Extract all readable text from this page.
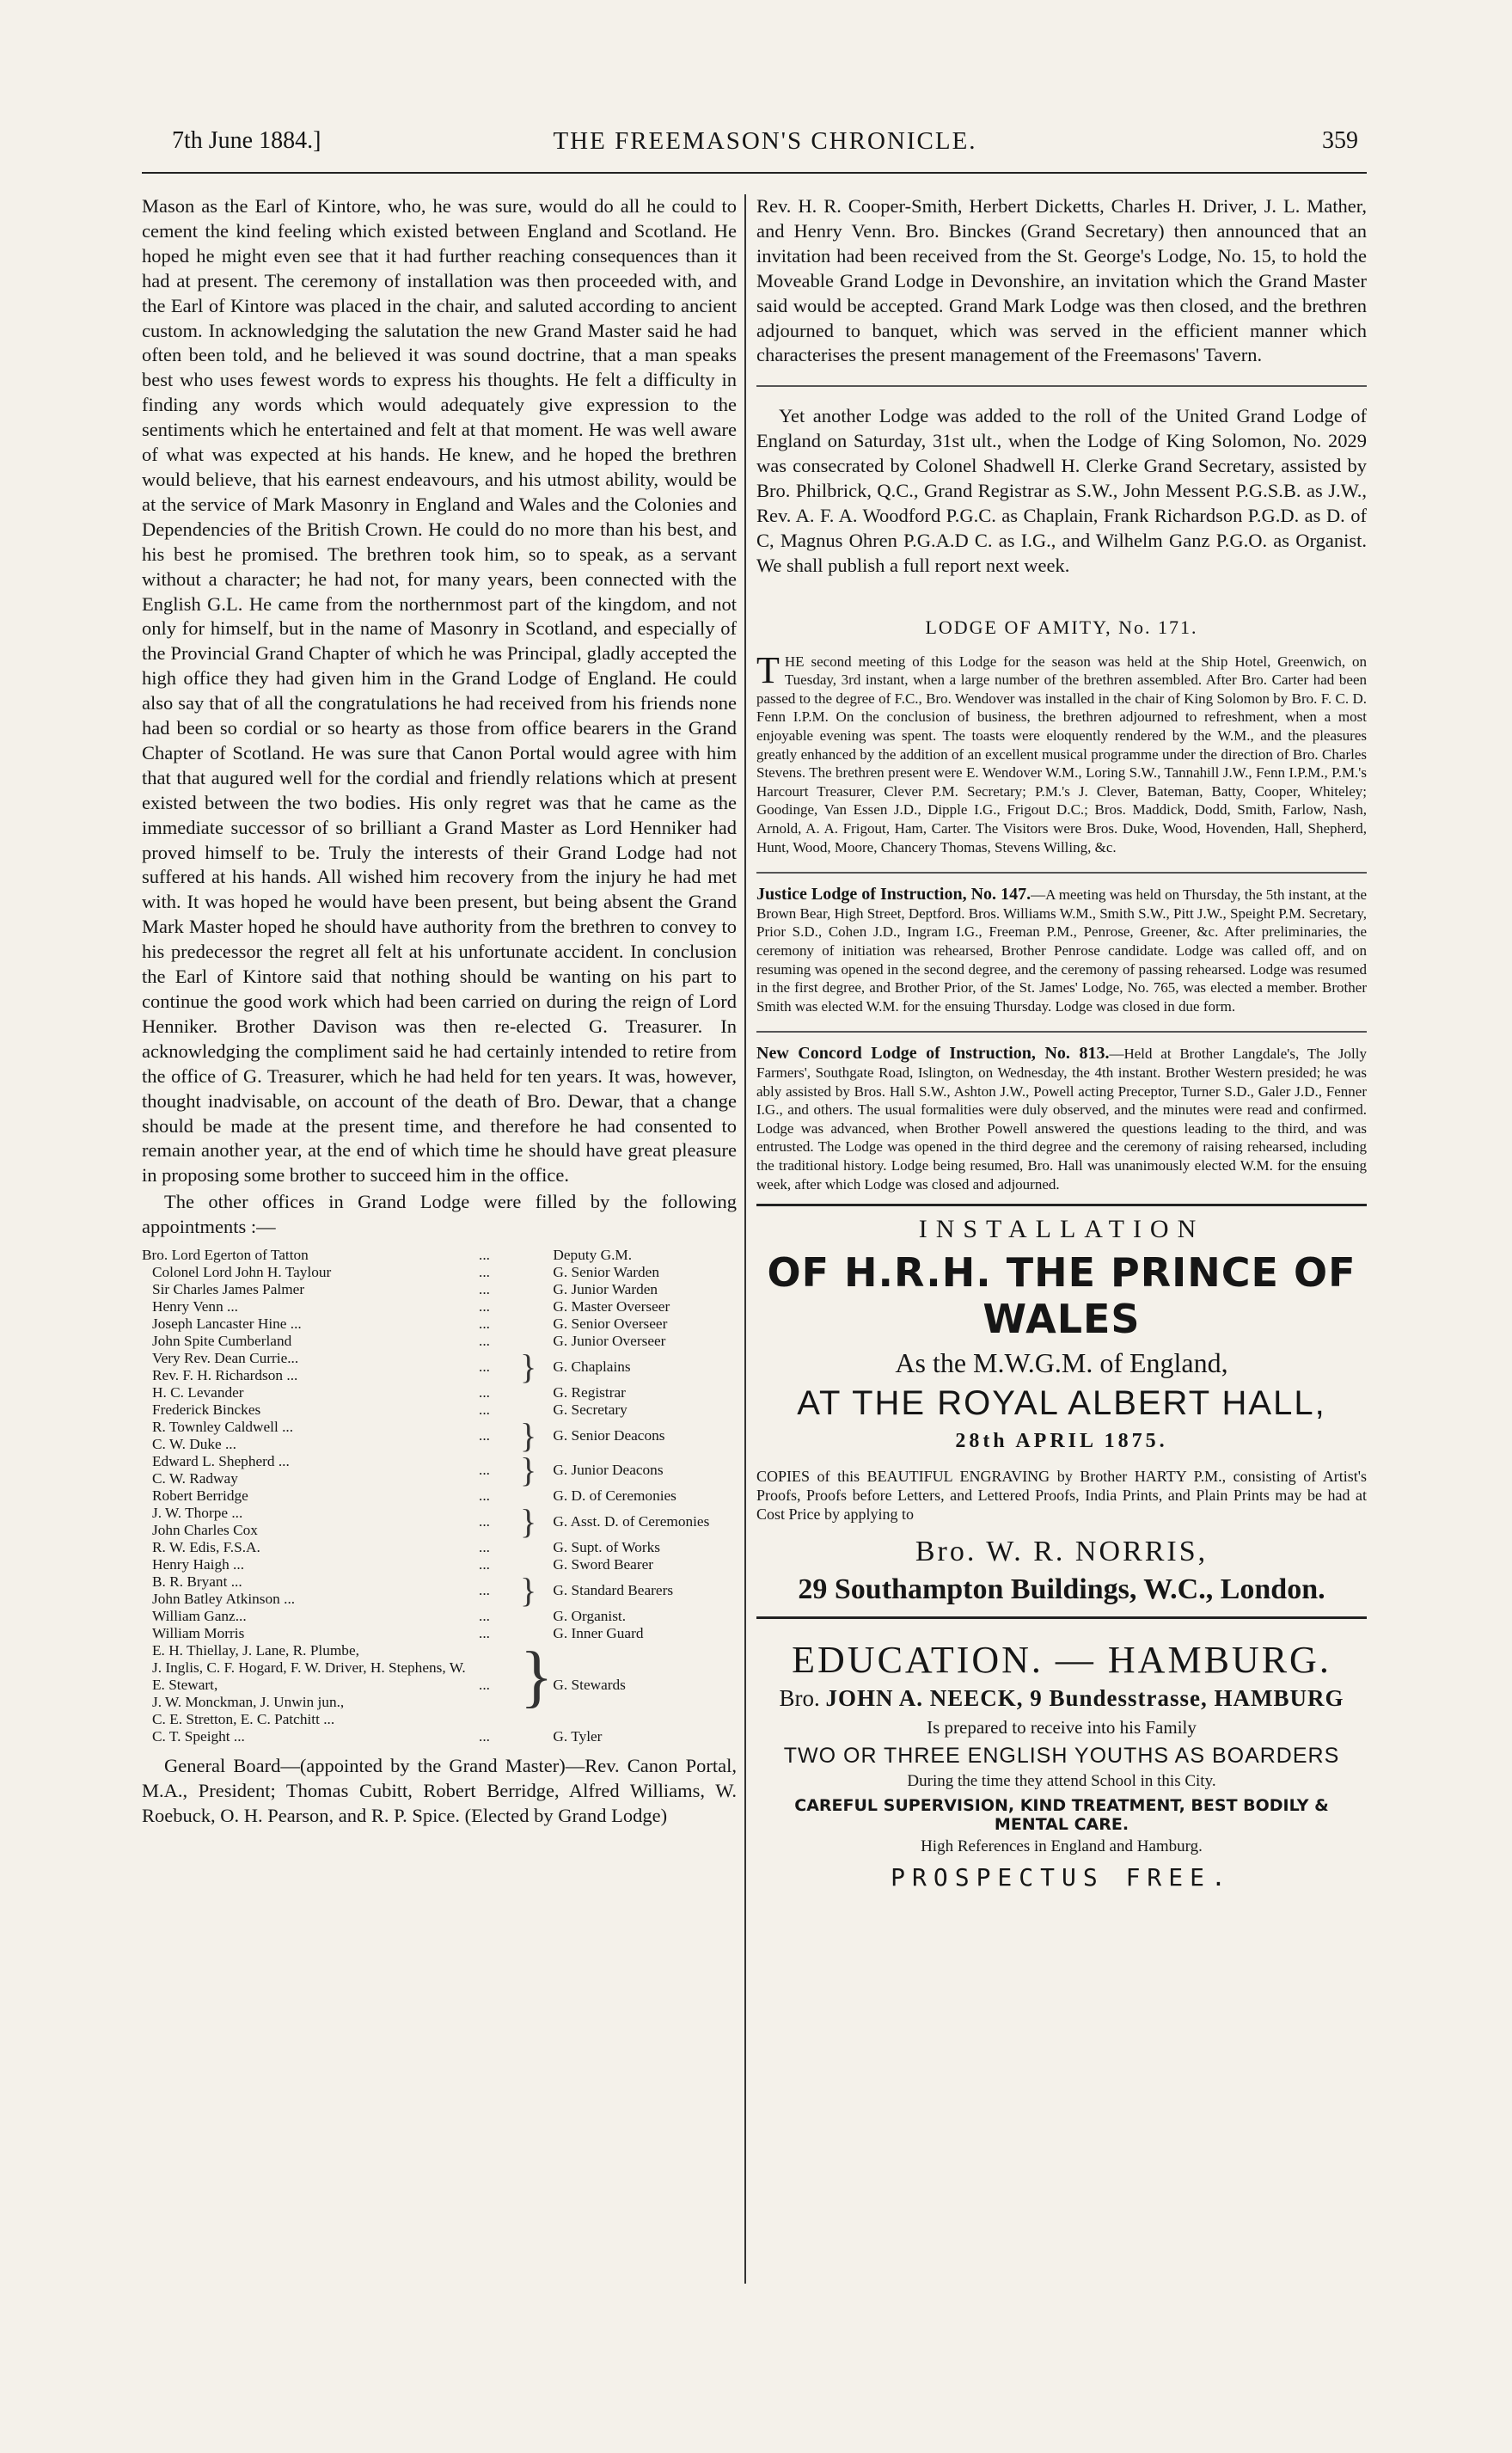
7th June 1884.]	THE FREEMASON'S CHRONICLE.	359

Mason as the Earl of Kintore, who, he was sure, would do all he could to cement the kind feeling which existed between England and Scotland. He hoped he might even see that it had further reaching consequences than it had at present. The ceremony of installation was then proceeded with, and the Earl of Kintore was placed in the chair, and saluted according to ancient custom. In acknowledging the salutation the new Grand Master said he had often been told, and he believed it was sound doctrine, that a man speaks best who uses fewest words to express his thoughts. He felt a difficulty in finding any words which would adequately give expression to the sentiments which he entertained and felt at that moment. He was well aware of what was expected at his hands. He knew, and he hoped the brethren would believe, that his earnest endeavours, and his utmost ability, would be at the service of Mark Masonry in England and Wales and the Colonies and Dependencies of the British Crown. He could do no more than his best, and his best he promised. The brethren took him, so to speak, as a servant without a character; he had not, for many years, been connected with the English G.L. He came from the northernmost part of the kingdom, and not only for himself, but in the name of Masonry in Scotland, and especially of the Provincial Grand Chapter of which he was Principal, gladly accepted the high office they had given him in the Grand Lodge of England. He could also say that of all the congratulations he had received from his friends none had been so cordial or so hearty as those from office bearers in the Grand Chapter of Scotland. He was sure that Canon Portal would agree with him that that augured well for the cordial and friendly relations which at present existed between the two bodies. His only regret was that he came as the immediate successor of so brilliant a Grand Master as Lord Henniker had proved himself to be. Truly the interests of their Grand Lodge had not suffered at his hands. All wished him recovery from the injury he had met with. It was hoped he would have been present, but being absent the Grand Mark Master hoped he should have authority from the brethren to convey to his predecessor the regret all felt at his unfortunate accident. In conclusion the Earl of Kintore said that nothing should be wanting on his part to continue the good work which had been carried on during the reign of Lord Henniker. Brother Davison was then re-elected G. Treasurer. In acknowledging the compliment said he had certainly intended to retire from the office of G. Treasurer, which he had held for ten years. It was, however, thought inadvisable, on account of the death of Bro. Dewar, that a change should be made at the present time, and therefore he had consented to remain another year, at the end of which time he should have great pleasure in proposing some brother to succeed him in the office.

The other offices in Grand Lodge were filled by the following appointments :—

Bro. Lord Egerton of Tatton	...		Deputy G.M.

Colonel Lord John H. Taylour	...		G. Senior Warden

Sir Charles James Palmer	...		G. Junior Warden

Henry Venn ...	...		G. Master Overseer

Joseph Lancaster Hine ...	...		G. Senior Overseer

John Spite Cumberland	...		G. Junior Overseer

Very Rev. Dean Currie...
Rev. F. H. Richardson ...	...	}	G. Chaplains

H. C. Levander	...		G. Registrar

Frederick Binckes	...		G. Secretary

R. Townley Caldwell ...
C. W. Duke ...	...	}	G. Senior Deacons

Edward L. Shepherd ...
C. W. Radway	...	}	G. Junior Deacons

Robert Berridge	...		G. D. of Ceremonies

J. W. Thorpe ...
John Charles Cox	...	}	G. Asst. D. of Ceremonies

R. W. Edis, F.S.A.	...		G. Supt. of Works

Henry Haigh ...	...		G. Sword Bearer

B. R. Bryant ...
John Batley Atkinson ...	...	}	G. Standard Bearers

William Ganz...	...		G. Organist.

William Morris	...		G. Inner Guard

E. H. Thiellay, J. Lane, R. Plumbe,
J. Inglis, C. F. Hogard, F. W. Driver, H. Stephens, W. E. Stewart,
J. W. Monckman, J. Unwin jun.,
C. E. Stretton, E. C. Patchitt ...	...	}	G. Stewards

C. T. Speight ...	...		G. Tyler

General Board—(appointed by the Grand Master)—Rev. Canon Portal, M.A., President; Thomas Cubitt, Robert Berridge, Alfred Williams, W. Roebuck, O. H. Pearson, and R. P. Spice. (Elected by Grand Lodge)

Rev. H. R. Cooper-Smith, Herbert Dicketts, Charles H. Driver, J. L. Mather, and Henry Venn. Bro. Binckes (Grand Secretary) then announced that an invitation had been received from the St. George's Lodge, No. 15, to hold the Moveable Grand Lodge in Devonshire, an invitation which the Grand Master said would be accepted. Grand Mark Lodge was then closed, and the brethren adjourned to banquet, which was served in the efficient manner which characterises the present management of the Freemasons' Tavern.

Yet another Lodge was added to the roll of the United Grand Lodge of England on Saturday, 31st ult., when the Lodge of King Solomon, No. 2029 was consecrated by Colonel Shadwell H. Clerke Grand Secretary, assisted by Bro. Philbrick, Q.C., Grand Registrar as S.W., John Messent P.G.S.B. as J.W., Rev. A. F. A. Woodford P.G.C. as Chaplain, Frank Richardson P.G.D. as D. of C, Magnus Ohren P.G.A.D C. as I.G., and Wilhelm Ganz P.G.O. as Organist. We shall publish a full report next week.

LODGE OF AMITY, No. 171.

THE second meeting of this Lodge for the season was held at the Ship Hotel, Greenwich, on Tuesday, 3rd instant, when a large number of the brethren assembled. After Bro. Carter had been passed to the degree of F.C., Bro. Wendover was installed in the chair of King Solomon by Bro. F. C. D. Fenn I.P.M. On the conclusion of business, the brethren adjourned to refreshment, when a most enjoyable evening was spent. The toasts were eloquently rendered by the W.M., and the pleasures greatly enhanced by the addition of an excellent musical programme under the direction of Bro. Charles Stevens. The brethren present were E. Wendover W.M., Loring S.W., Tannahill J.W., Fenn I.P.M., P.M.'s Harcourt Treasurer, Clever P.M. Secretary; P.M.'s J. Clever, Bateman, Batty, Cooper, Whiteley; Goodinge, Van Essen J.D., Dipple I.G., Frigout D.C.; Bros. Maddick, Dodd, Smith, Farlow, Nash, Arnold, A. A. Frigout, Ham, Carter. The Visitors were Bros. Duke, Wood, Hovenden, Hall, Shepherd, Hunt, Wood, Moore, Chancery Thomas, Stevens Willing, &c.

Justice Lodge of Instruction, No. 147.—A meeting was held on Thursday, the 5th instant, at the Brown Bear, High Street, Deptford. Bros. Williams W.M., Smith S.W., Pitt J.W., Speight P.M. Secretary, Prior S.D., Cohen J.D., Ingram I.G., Freeman P.M., Penrose, Greener, &c. After preliminaries, the ceremony of initiation was rehearsed, Brother Penrose candidate. Lodge was called off, and on resuming was opened in the second degree, and the ceremony of passing rehearsed. Lodge was resumed in the first degree, and Brother Prior, of the St. James' Lodge, No. 765, was elected a member. Brother Smith was elected W.M. for the ensuing Thursday. Lodge was closed in due form.

New Concord Lodge of Instruction, No. 813.—Held at Brother Langdale's, The Jolly Farmers', Southgate Road, Islington, on Wednesday, the 4th instant. Brother Western presided; he was ably assisted by Bros. Hall S.W., Ashton J.W., Powell acting Preceptor, Turner S.D., Galer J.D., Fenner I.G., and others. The usual formalities were duly observed, and the minutes were read and confirmed. Lodge was advanced, when Brother Powell answered the questions leading to the third, and was entrusted. The Lodge was opened in the third degree and the ceremony of raising rehearsed, including the traditional history. Lodge being resumed, Bro. Hall was unanimously elected W.M. for the ensuing week, after which Lodge was closed and adjourned.

INSTALLATION
OF H.R.H. THE PRINCE OF WALES
As the M.W.G.M. of England,
AT THE ROYAL ALBERT HALL,
28th APRIL 1875.

COPIES of this BEAUTIFUL ENGRAVING by Brother HARTY P.M., consisting of Artist's Proofs, Proofs before Letters, and Lettered Proofs, India Prints, and Plain Prints may be had at Cost Price by applying to

Bro. W. R. NORRIS,
29 Southampton Buildings, W.C., London.
EDUCATION. — HAMBURG.
Bro. JOHN A. NEECK, 9 Bundesstrasse, HAMBURG
Is prepared to receive into his Family
TWO OR THREE ENGLISH YOUTHS AS BOARDERS
During the time they attend School in this City.
CAREFUL SUPERVISION, KIND TREATMENT, BEST BODILY & MENTAL CARE.
High References in England and Hamburg.
PROSPECTUS FREE.
